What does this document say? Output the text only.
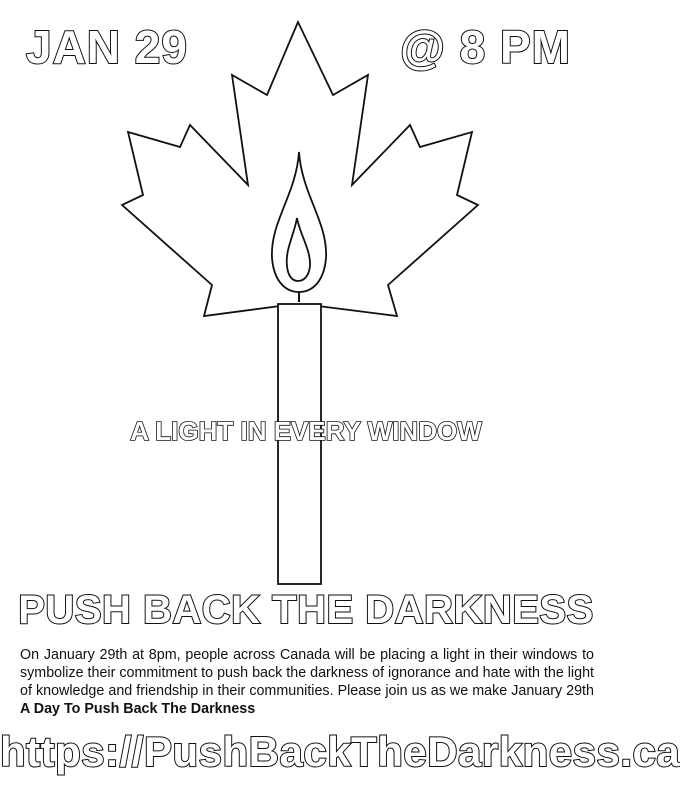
JAN 29	@ 8 PM
A LIGHT IN EVERY WINDOW
PUSH BACK THE DARKNESS

On January 29th at 8pm, people across Canada will be placing a light in their windows to symbolize their commitment to push back the darkness of ignorance and hate with the light of knowledge and friendship in their communities. Please join us as we make January 29th A Day To Push Back The Darkness

https://PushBackTheDarkness.ca
